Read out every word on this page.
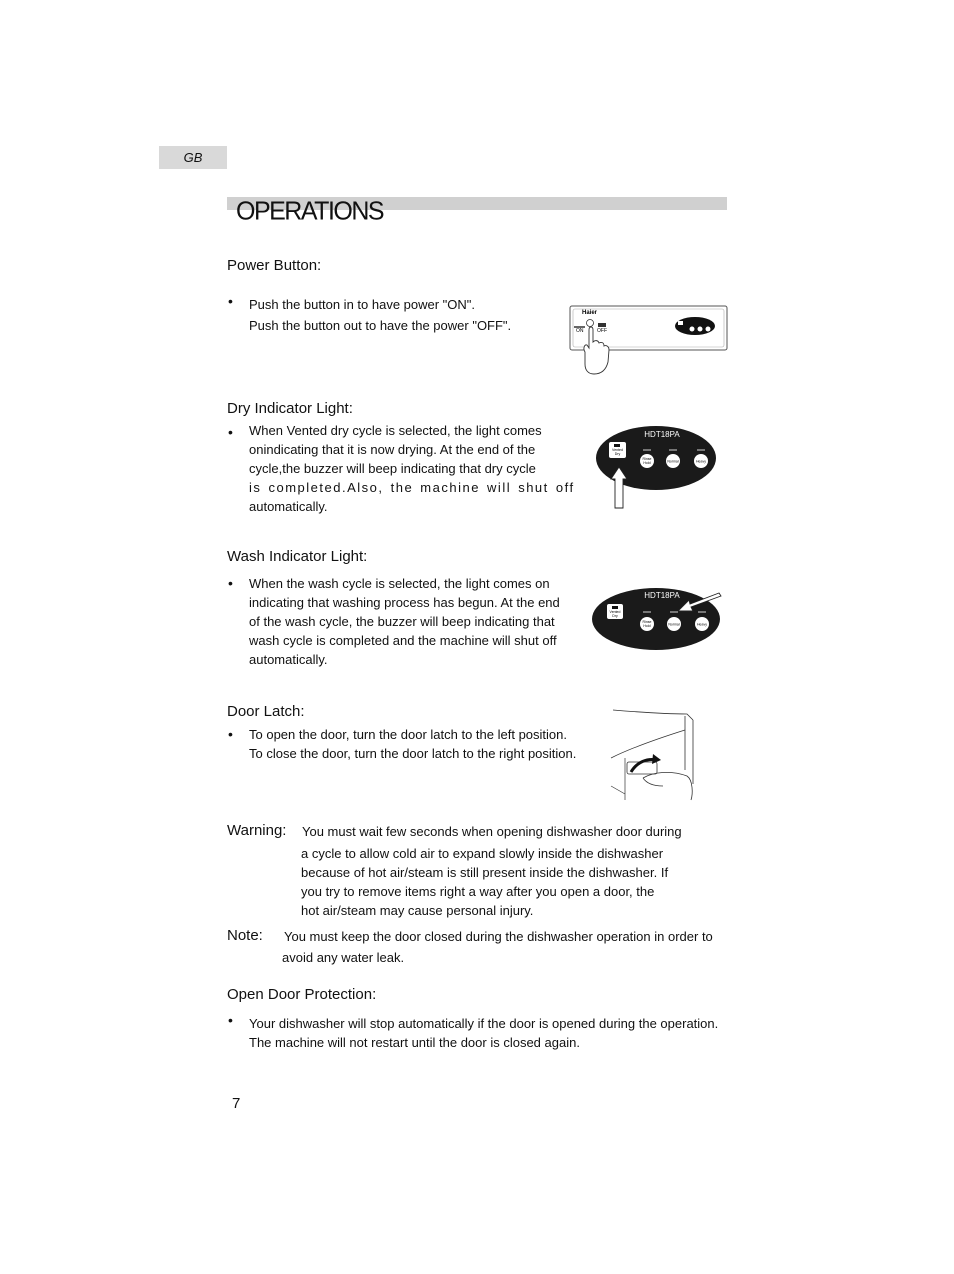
GB
OPERATIONS
Power Button:
• Push the button in to have power "ON".
Push the button out to have the power "OFF".
Haier
ON	OFF
Dry Indicator Light:
• When Vented dry cycle is selected, the light comes
onindicating that it is now drying. At the end of the
cycle,the buzzer will beep indicating that dry cycle
is completed.Also, the machine will shut off
automatically.
HDT18PA
Vented
Dry
Rinse
Hold	Normal	Heavy
Wash Indicator Light:
• When the wash cycle is selected, the light comes on
indicating that washing process has begun. At the end
of the wash cycle, the buzzer will beep indicating that
wash cycle is completed and the machine will shut off
automatically.
HDT18PA
Vented
Dry
Rinse
Hold	Normal	Heavy
Door Latch:
• To open the door, turn the door latch to the left position.
To close the door, turn the door latch to the right position.
Warning: You must wait few seconds when opening dishwasher door during
a cycle to allow cold air to expand slowly inside the dishwasher
because of hot air/steam is still present inside the dishwasher. If
you try to remove items right a way after you open a door, the
hot air/steam may cause personal injury.
Note: You must keep the door closed during the dishwasher operation in order to
avoid any water leak.
Open Door Protection:
• Your dishwasher will stop automatically if the door is opened during the operation.
The machine will not restart until the door is closed again.
7
